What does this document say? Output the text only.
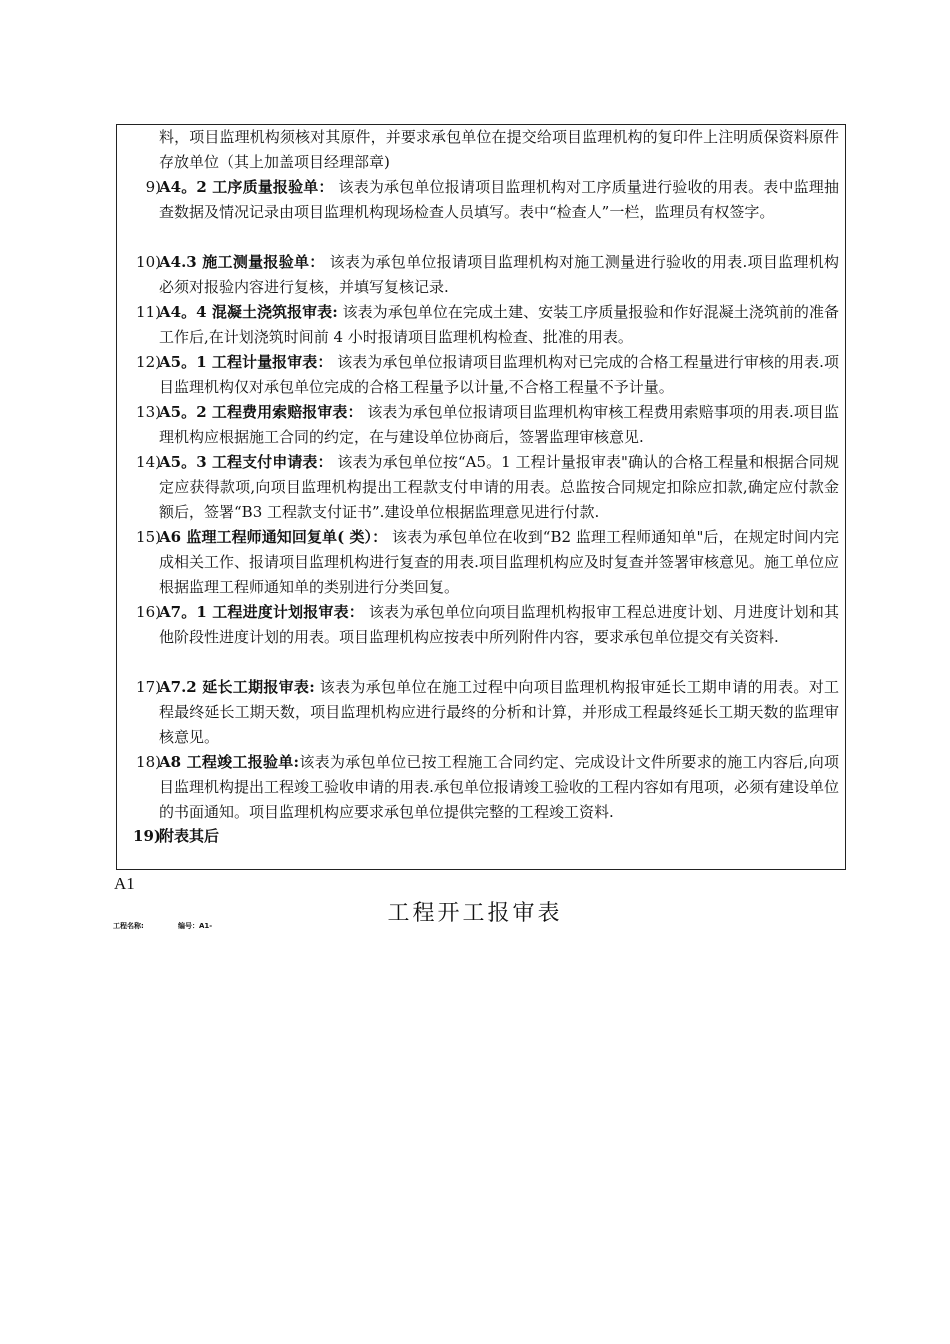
料，项目监理机构须核对其原件，并要求承包单位在提交给项目监理机构的复印件上注明质保资料原件存放单位（其上加盖项目经理部章)
9)
A4。2 工序质量报验单： 该表为承包单位报请项目监理机构对工序质量进行验收的用表。表中监理抽查数据及情况记录由项目监理机构现场检查人员填写。表中“检查人”一栏，监理员有权签字。
10)
A4.3 施工测量报验单： 该表为承包单位报请项目监理机构对施工测量进行验收的用表.项目监理机构必须对报验内容进行复核，并填写复核记录.
11)
A4。4 混凝土浇筑报审表: 该表为承包单位在完成土建、安装工序质量报验和作好混凝土浇筑前的准备工作后,在计划浇筑时间前 4 小时报请项目监理机构检查、批准的用表。
12)
A5。1 工程计量报审表： 该表为承包单位报请项目监理机构对已完成的合格工程量进行审核的用表.项目监理机构仅对承包单位完成的合格工程量予以计量,不合格工程量不予计量。
13)
A5。2 工程费用索赔报审表： 该表为承包单位报请项目监理机构审核工程费用索赔事项的用表.项目监理机构应根据施工合同的约定，在与建设单位协商后，签署监理审核意见.
14)
A5。3 工程支付申请表： 该表为承包单位按“A5。1 工程计量报审表"确认的合格工程量和根据合同规定应获得款项,向项目监理机构提出工程款支付申请的用表。总监按合同规定扣除应扣款,确定应付款金额后，签署“B3 工程款支付证书”.建设单位根据监理意见进行付款.
15)
A6 监理工程师通知回复单( 类）： 该表为承包单位在收到“B2 监理工程师通知单"后，在规定时间内完成相关工作、报请项目监理机构进行复查的用表.项目监理机构应及时复查并签署审核意见。施工单位应根据监理工程师通知单的类别进行分类回复。
16)
A7。1 工程进度计划报审表： 该表为承包单位向项目监理机构报审工程总进度计划、月进度计划和其他阶段性进度计划的用表。项目监理机构应按表中所列附件内容，要求承包单位提交有关资料.
17)
A7.2 延长工期报审表: 该表为承包单位在施工过程中向项目监理机构报审延长工期申请的用表。对工程最终延长工期天数，项目监理机构应进行最终的分析和计算，并形成工程最终延长工期天数的监理审核意见。
18)
A8 工程竣工报验单:该表为承包单位已按工程施工合同约定、完成设计文件所要求的施工内容后,向项目监理机构提出工程竣工验收申请的用表.承包单位报请竣工验收的工程内容如有甩项，必须有建设单位的书面通知。项目监理机构应要求承包单位提供完整的工程竣工资料.
19)
附表其后
A1
工程开工报审表
工程名称:	编号：A1-
